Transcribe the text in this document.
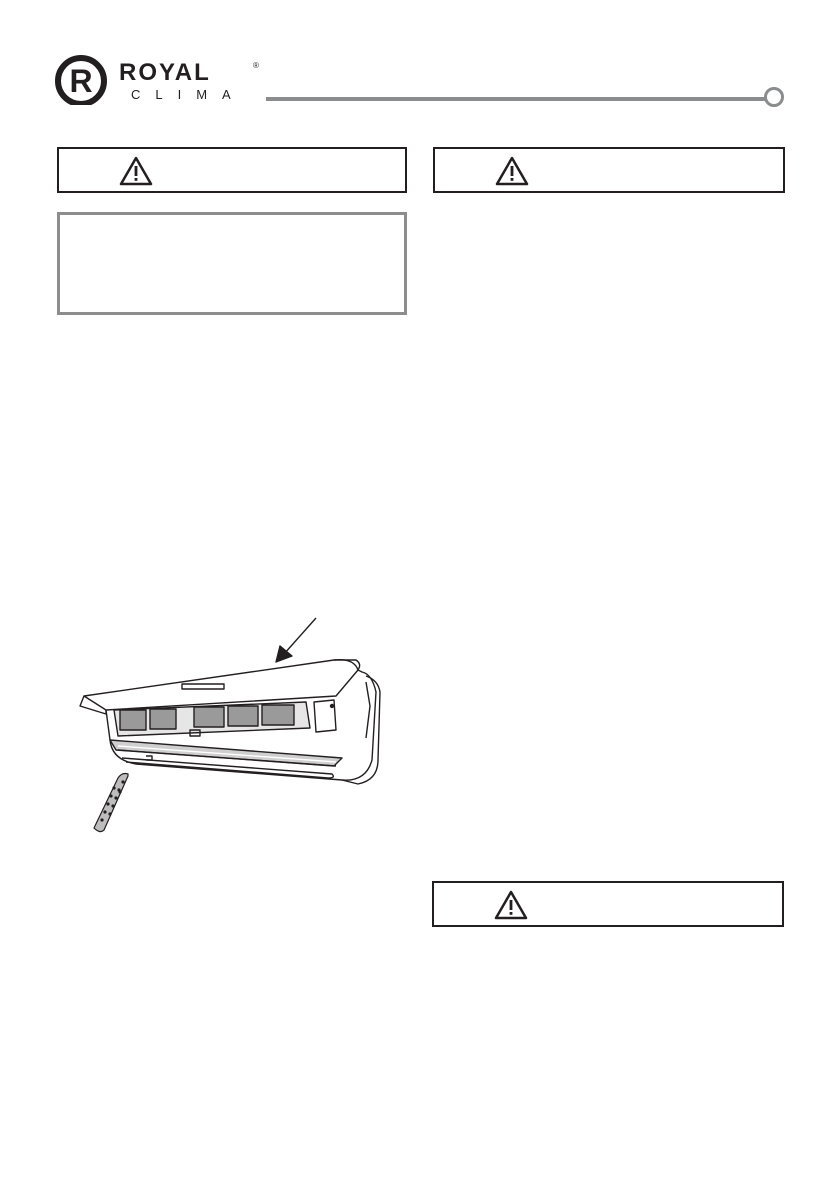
R ROYAL	®
CLIMA
